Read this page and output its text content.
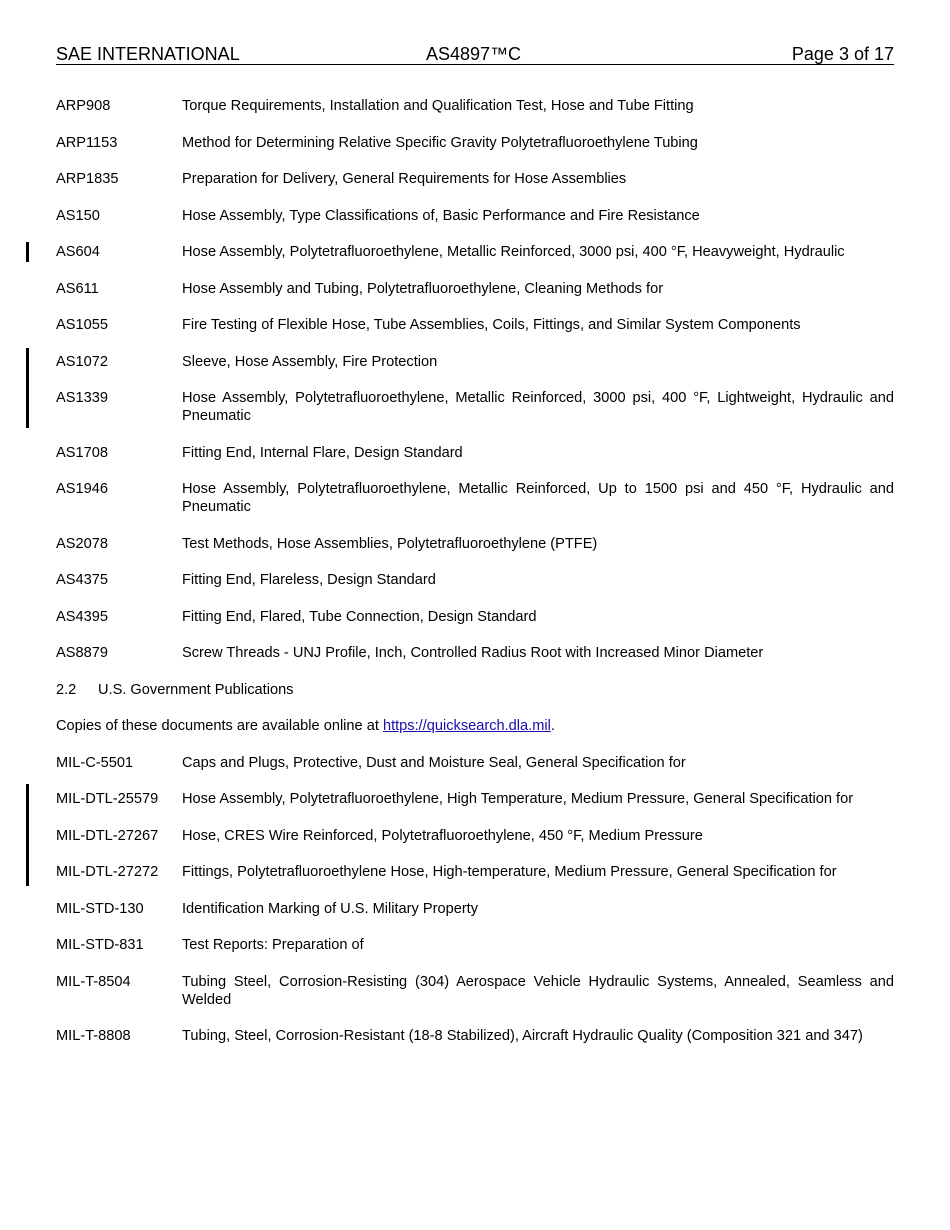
SAE INTERNATIONAL	AS4897™C	Page 3 of 17
ARP908	Torque Requirements, Installation and Qualification Test, Hose and Tube Fitting
ARP1153	Method for Determining Relative Specific Gravity Polytetrafluoroethylene Tubing
ARP1835	Preparation for Delivery, General Requirements for Hose Assemblies
AS150	Hose Assembly, Type Classifications of, Basic Performance and Fire Resistance
AS604	Hose Assembly, Polytetrafluoroethylene, Metallic Reinforced, 3000 psi, 400 °F, Heavyweight, Hydraulic
AS611	Hose Assembly and Tubing, Polytetrafluoroethylene, Cleaning Methods for
AS1055	Fire Testing of Flexible Hose, Tube Assemblies, Coils, Fittings, and Similar System Components
AS1072	Sleeve, Hose Assembly, Fire Protection
AS1339	Hose Assembly, Polytetrafluoroethylene, Metallic Reinforced, 3000 psi, 400 °F, Lightweight, Hydraulic and Pneumatic
AS1708	Fitting End, Internal Flare, Design Standard
AS1946	Hose Assembly, Polytetrafluoroethylene, Metallic Reinforced, Up to 1500 psi and 450 °F, Hydraulic and Pneumatic
AS2078	Test Methods, Hose Assemblies, Polytetrafluoroethylene (PTFE)
AS4375	Fitting End, Flareless, Design Standard
AS4395	Fitting End, Flared, Tube Connection, Design Standard
AS8879	Screw Threads - UNJ Profile, Inch, Controlled Radius Root with Increased Minor Diameter
2.2 U.S. Government Publications
Copies of these documents are available online at https://quicksearch.dla.mil.
MIL-C-5501	Caps and Plugs, Protective, Dust and Moisture Seal, General Specification for
MIL-DTL-25579	Hose Assembly, Polytetrafluoroethylene, High Temperature, Medium Pressure, General Specification for
MIL-DTL-27267	Hose, CRES Wire Reinforced, Polytetrafluoroethylene, 450 °F, Medium Pressure
MIL-DTL-27272	Fittings, Polytetrafluoroethylene Hose, High-temperature, Medium Pressure, General Specification for
MIL-STD-130	Identification Marking of U.S. Military Property
MIL-STD-831	Test Reports: Preparation of
MIL-T-8504	Tubing Steel, Corrosion-Resisting (304) Aerospace Vehicle Hydraulic Systems, Annealed, Seamless and Welded
MIL-T-8808	Tubing, Steel, Corrosion-Resistant (18-8 Stabilized), Aircraft Hydraulic Quality (Composition 321 and 347)
